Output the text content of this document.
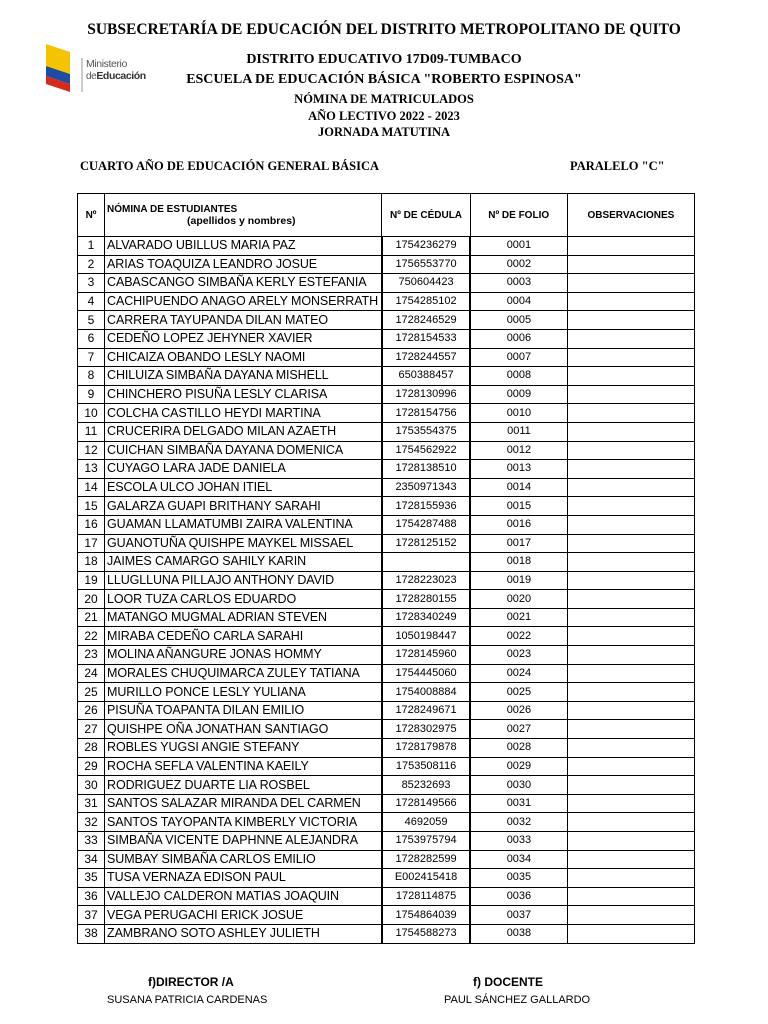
SUBSECRETARÍA DE EDUCACIÓN DEL DISTRITO METROPOLITANO DE QUITO
Ministerio
deEducación
DISTRITO EDUCATIVO 17D09-TUMBACO
ESCUELA DE EDUCACIÓN BÁSICA "ROBERTO ESPINOSA"
NÓMINA DE MATRICULADOS
AÑO LECTIVO 2022 - 2023
JORNADA MATUTINA
CUARTO AÑO DE EDUCACIÓN GENERAL BÁSICA	PARALELO "C"
Nº	NÓMINA DE ESTUDIANTES
(apellidos y nombres)	Nº DE CÉDULA	Nº DE FOLIO	OBSERVACIONES
1	ALVARADO UBILLUS MARIA PAZ	1754236279	0001	
2	ARIAS TOAQUIZA LEANDRO JOSUE	1756553770	0002	
3	CABASCANGO SIMBAÑA KERLY ESTEFANIA	750604423	0003	
4	CACHIPUENDO ANAGO ARELY MONSERRATH	1754285102	0004	
5	CARRERA TAYUPANDA DILAN MATEO	1728246529	0005	
6	CEDEÑO LOPEZ JEHYNER XAVIER	1728154533	0006	
7	CHICAIZA OBANDO LESLY NAOMI	1728244557	0007	
8	CHILUIZA SIMBAÑA DAYANA MISHELL	650388457	0008	
9	CHINCHERO PISUÑA LESLY CLARISA	1728130996	0009	
10	COLCHA CASTILLO HEYDI MARTINA	1728154756	0010	
11	CRUCERIRA DELGADO MILAN AZAETH	1753554375	0011	
12	CUICHAN SIMBAÑA DAYANA DOMENICA	1754562922	0012	
13	CUYAGO LARA JADE DANIELA	1728138510	0013	
14	ESCOLA ULCO JOHAN ITIEL	2350971343	0014	
15	GALARZA GUAPI BRITHANY SARAHI	1728155936	0015	
16	GUAMAN LLAMATUMBI ZAIRA VALENTINA	1754287488	0016	
17	GUANOTUÑA QUISHPE MAYKEL MISSAEL	1728125152	0017	
18	JAIMES CAMARGO SAHILY KARIN		0018	
19	LLUGLLUNA PILLAJO ANTHONY DAVID	1728223023	0019	
20	LOOR TUZA CARLOS EDUARDO	1728280155	0020	
21	MATANGO MUGMAL ADRIAN STEVEN	1728340249	0021	
22	MIRABA CEDEÑO CARLA SARAHI	1050198447	0022	
23	MOLINA AÑANGURE JONAS HOMMY	1728145960	0023	
24	MORALES CHUQUIMARCA ZULEY TATIANA	1754445060	0024	
25	MURILLO PONCE LESLY YULIANA	1754008884	0025	
26	PISUÑA TOAPANTA DILAN EMILIO	1728249671	0026	
27	QUISHPE OÑA JONATHAN SANTIAGO	1728302975	0027	
28	ROBLES YUGSI ANGIE STEFANY	1728179878	0028	
29	ROCHA SEFLA VALENTINA KAEILY	1753508116	0029	
30	RODRIGUEZ DUARTE LIA ROSBEL	85232693	0030	
31	SANTOS SALAZAR MIRANDA DEL CARMEN	1728149566	0031	
32	SANTOS TAYOPANTA KIMBERLY VICTORIA	4692059	0032	
33	SIMBAÑA VICENTE DAPHNNE ALEJANDRA	1753975794	0033	
34	SUMBAY SIMBAÑA CARLOS EMILIO	1728282599	0034	
35	TUSA VERNAZA EDISON PAUL	E002415418	0035	
36	VALLEJO CALDERON MATIAS JOAQUIN	1728114875	0036	
37	VEGA PERUGACHI ERICK JOSUE	1754864039	0037	
38	ZAMBRANO SOTO ASHLEY JULIETH	1754588273	0038	
f)DIRECTOR /A
SUSANA PATRICIA CARDENAS
f) DOCENTE
PAUL SÁNCHEZ GALLARDO
